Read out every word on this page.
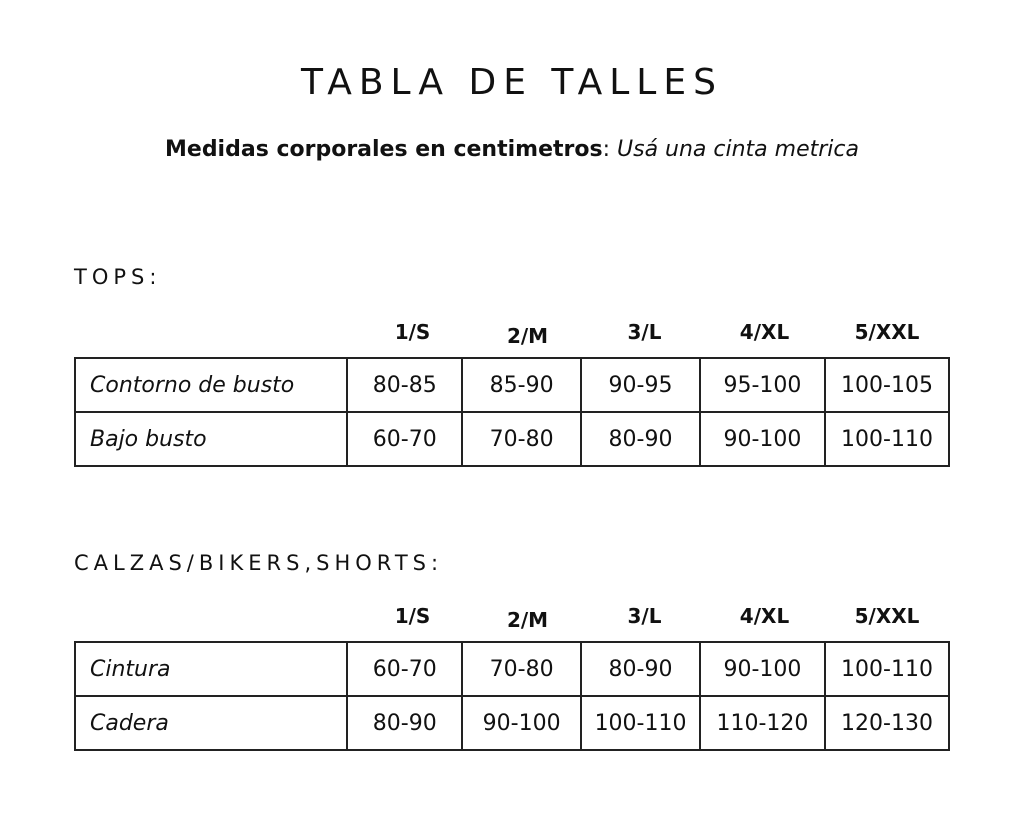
TABLA DE TALLES
Medidas corporales en centimetros: Usá una cinta metrica
TOPS:
1/S	2/M	3/L	4/XL	5/XXL
Contorno de busto	80-85	85-90	90-95	95-100	100-105
Bajo busto	60-70	70-80	80-90	90-100	100-110
CALZAS/BIKERS,SHORTS:
1/S	2/M	3/L	4/XL	5/XXL
Cintura	60-70	70-80	80-90	90-100	100-110
Cadera	80-90	90-100	100-110	110-120	120-130
